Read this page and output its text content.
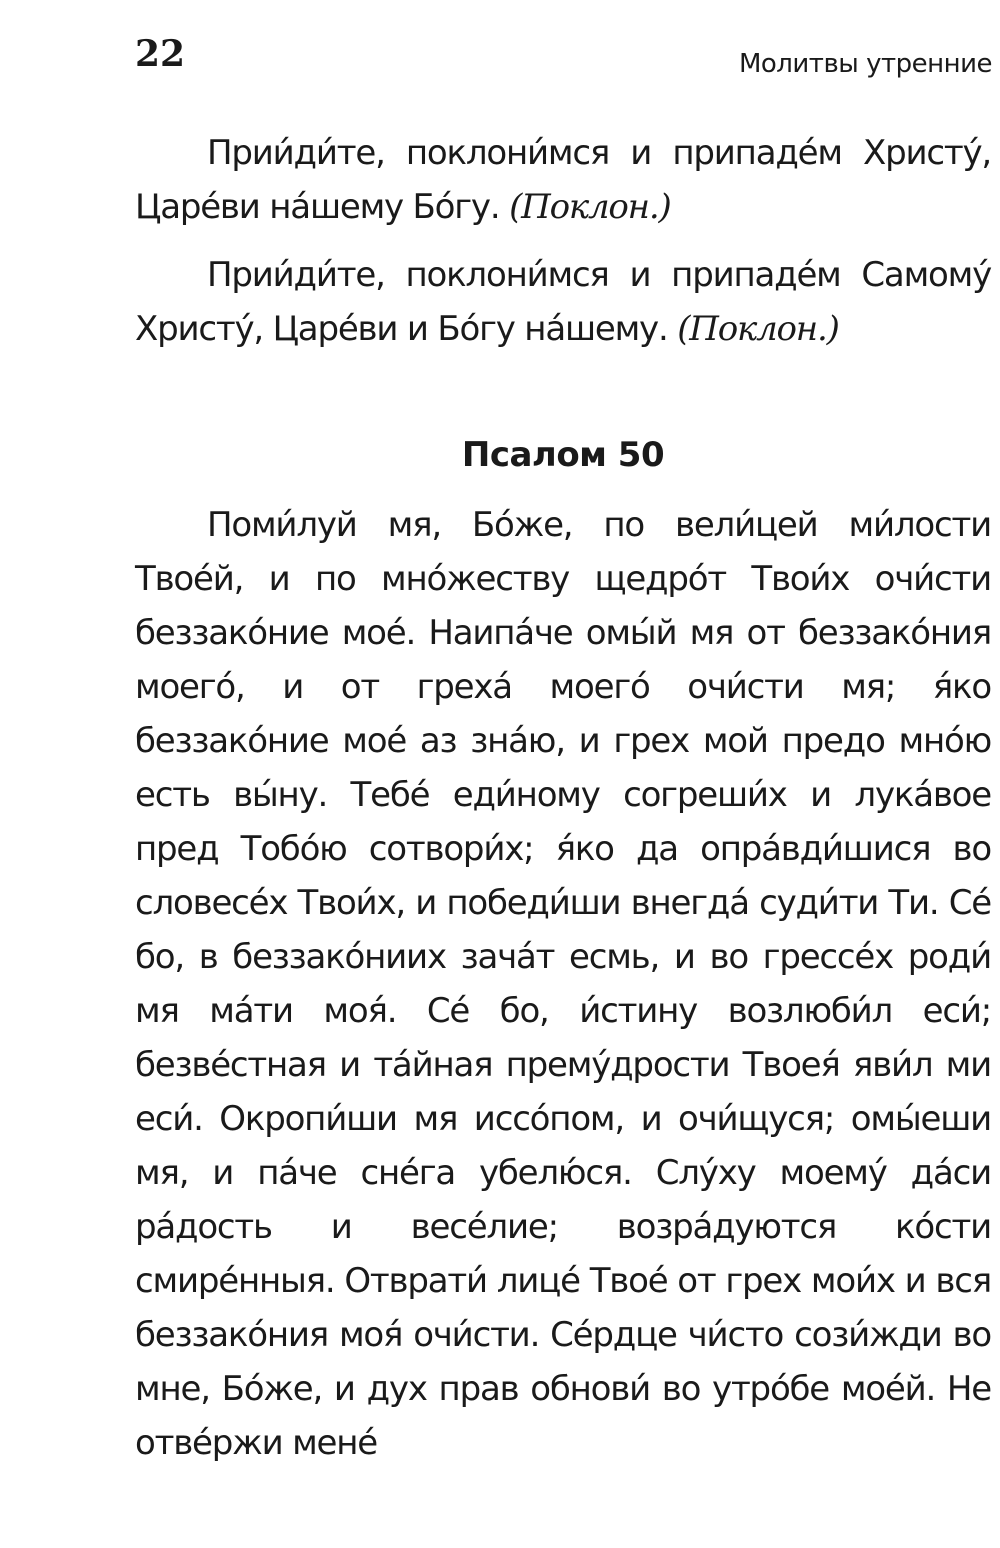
22	Молитвы утренние

Прии́ди́те, поклони́мся и припаде́м Христу́, Царе́ви на́шему Бо́гу. (Поклон.)

Прии́ди́те, поклони́мся и припаде́м Самому́ Христу́, Царе́ви и Бо́гу на́шему. (Поклон.)

Псалом 50

Поми́луй мя, Бо́же, по вели́цей ми́лости Твое́й, и по мно́жеству щедро́т Твои́х очи́сти беззако́ние мое́. Наипа́че омы́й мя от беззако́ния моего́, и от греха́ моего́ очи́сти мя; я́ко беззако́ние мое́ аз зна́ю, и грех мой предо мно́ю есть вы́ну. Тебе́ еди́ному согреши́х и лука́вое пред Тобо́ю сотвори́х; я́ко да опра́вди́шися во словесе́х Твои́х, и победи́ши внегда́ суди́ти Ти. Се́ бо, в беззако́ниих зача́т есмь, и во грессе́х роди́ мя ма́ти моя́. Се́ бо, и́стину возлюби́л еси́; безве́стная и та́йная прему́дрости Твоея́ яви́л ми еси́. Окропи́ши мя иссо́пом, и очи́щуся; омы́еши мя, и па́че сне́га убелю́ся. Слу́ху моему́ да́си ра́дость и весе́лие; возра́дуются ко́сти смире́нныя. Отврати́ лице́ Твое́ от грех мои́х и вся беззако́ния моя́ очи́сти. Се́рдце чи́сто сози́жди во мне, Бо́же, и дух прав обнови́ во утро́бе мое́й. Не отве́ржи мене́
